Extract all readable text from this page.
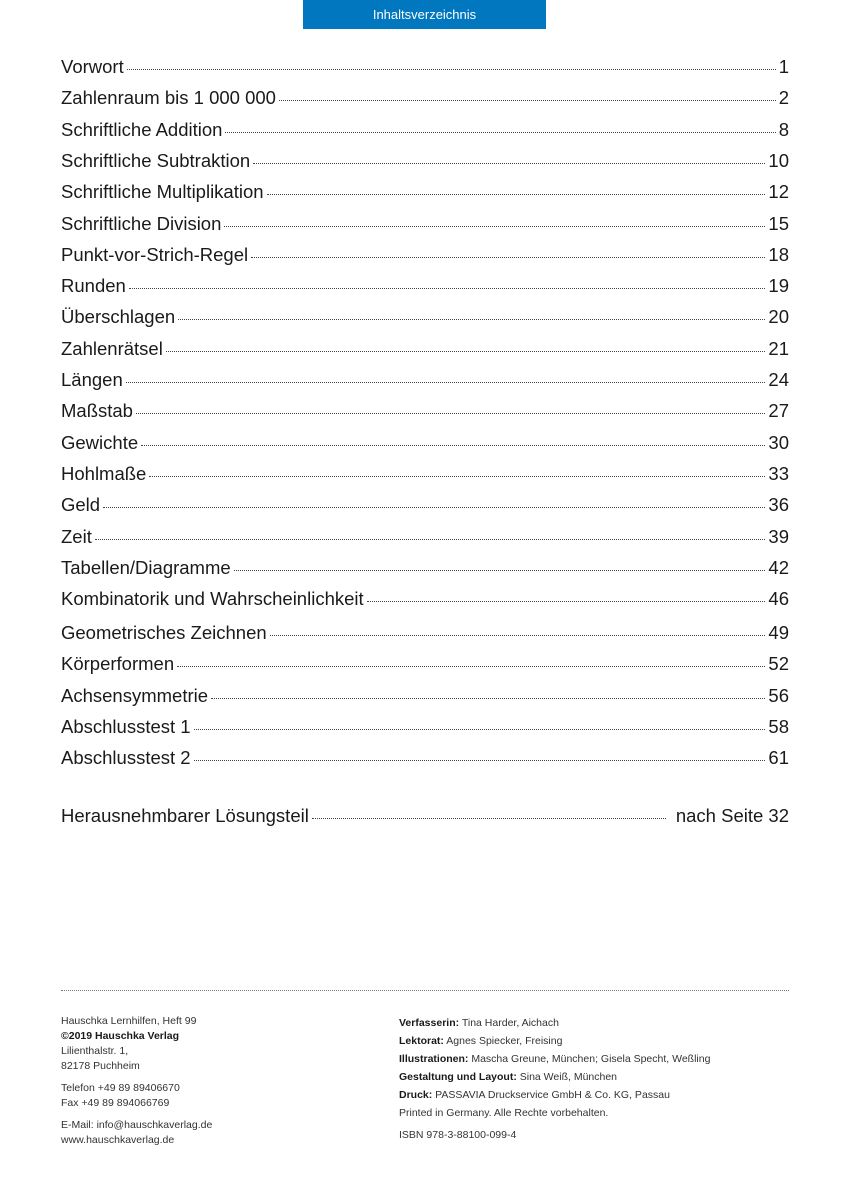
Inhaltsverzeichnis
Vorwort	1
Zahlenraum bis 1 000 000	2
Schriftliche Addition	8
Schriftliche Subtraktion	10
Schriftliche Multiplikation	12
Schriftliche Division	15
Punkt-vor-Strich-Regel	18
Runden	19
Überschlagen	20
Zahlenrätsel	21
Längen	24
Maßstab	27
Gewichte	30
Hohlmaße	33
Geld	36
Zeit	39
Tabellen/Diagramme	42
Kombinatorik und Wahrscheinlichkeit	46
Geometrisches Zeichnen	49
Körperformen	52
Achsensymmetrie	56
Abschlusstest 1	58
Abschlusstest 2	61
Herausnehmbarer Lösungsteil	nach Seite 32
Hauschka Lernhilfen, Heft 99
©2019 Hauschka Verlag
Lilienthalstr. 1,
82178 Puchheim
Telefon +49 89 89406670
Fax +49 89 894066769
E-Mail: info@hauschkaverlag.de
www.hauschkaverlag.de
Verfasserin: Tina Harder, Aichach
Lektorat: Agnes Spiecker, Freising
Illustrationen: Mascha Greune, München; Gisela Specht, Weßling
Gestaltung und Layout: Sina Weiß, München
Druck: PASSAVIA Druckservice GmbH & Co. KG, Passau
Printed in Germany. Alle Rechte vorbehalten.
ISBN 978-3-88100-099-4
